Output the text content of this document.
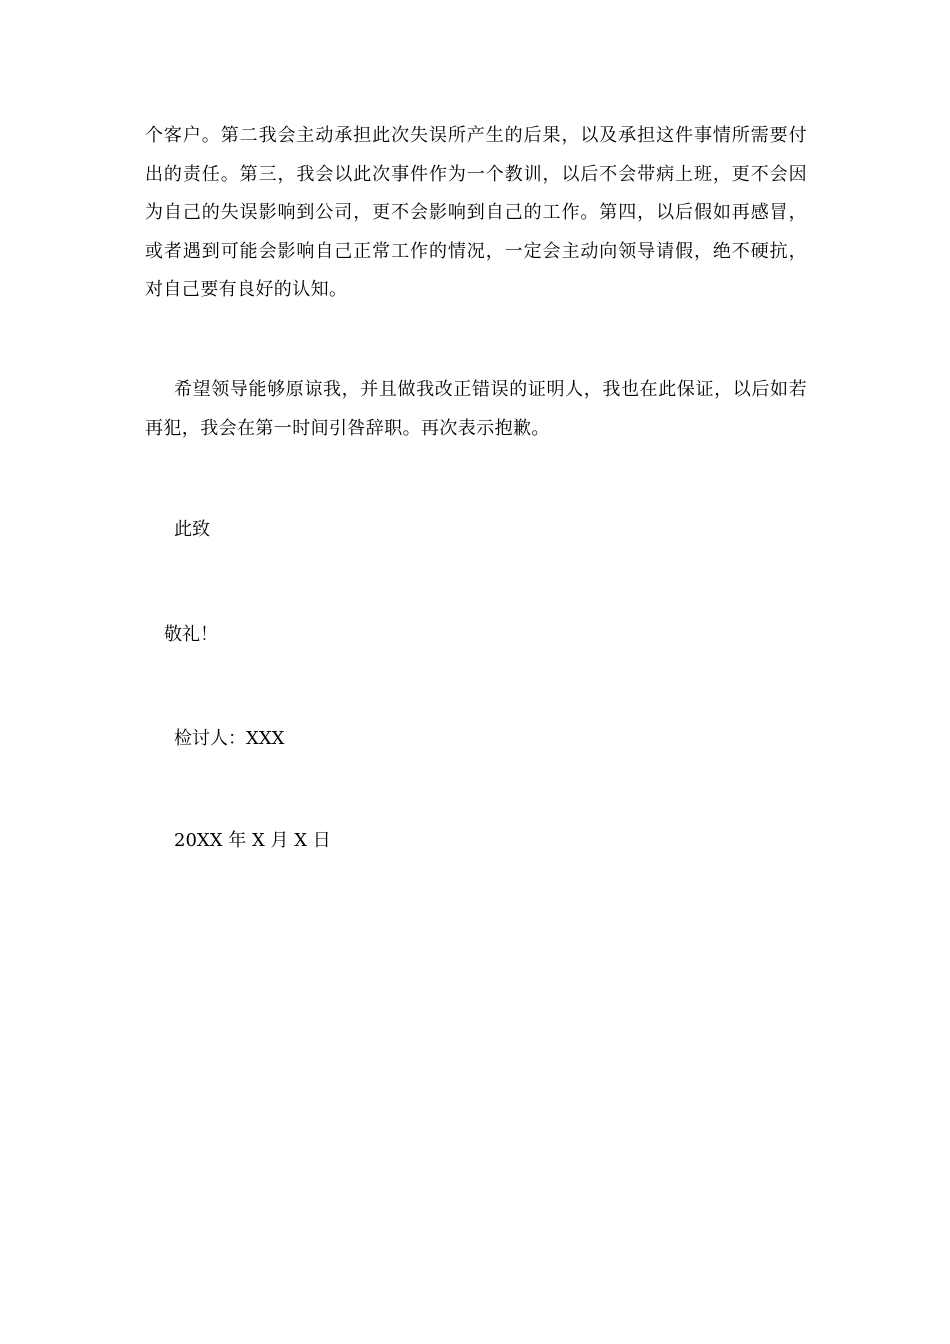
个客户。第二我会主动承担此次失误所产生的后果，以及承担这件事情所需要付出的责任。第三，我会以此次事件作为一个教训，以后不会带病上班，更不会因为自己的失误影响到公司，更不会影响到自己的工作。第四，以后假如再感冒，或者遇到可能会影响自己正常工作的情况，一定会主动向领导请假，绝不硬抗，对自己要有良好的认知。

希望领导能够原谅我，并且做我改正错误的证明人，我也在此保证，以后如若再犯，我会在第一时间引咎辞职。再次表示抱歉。

此致

敬礼！

检讨人：XXX

20XX 年 X 月 X 日
